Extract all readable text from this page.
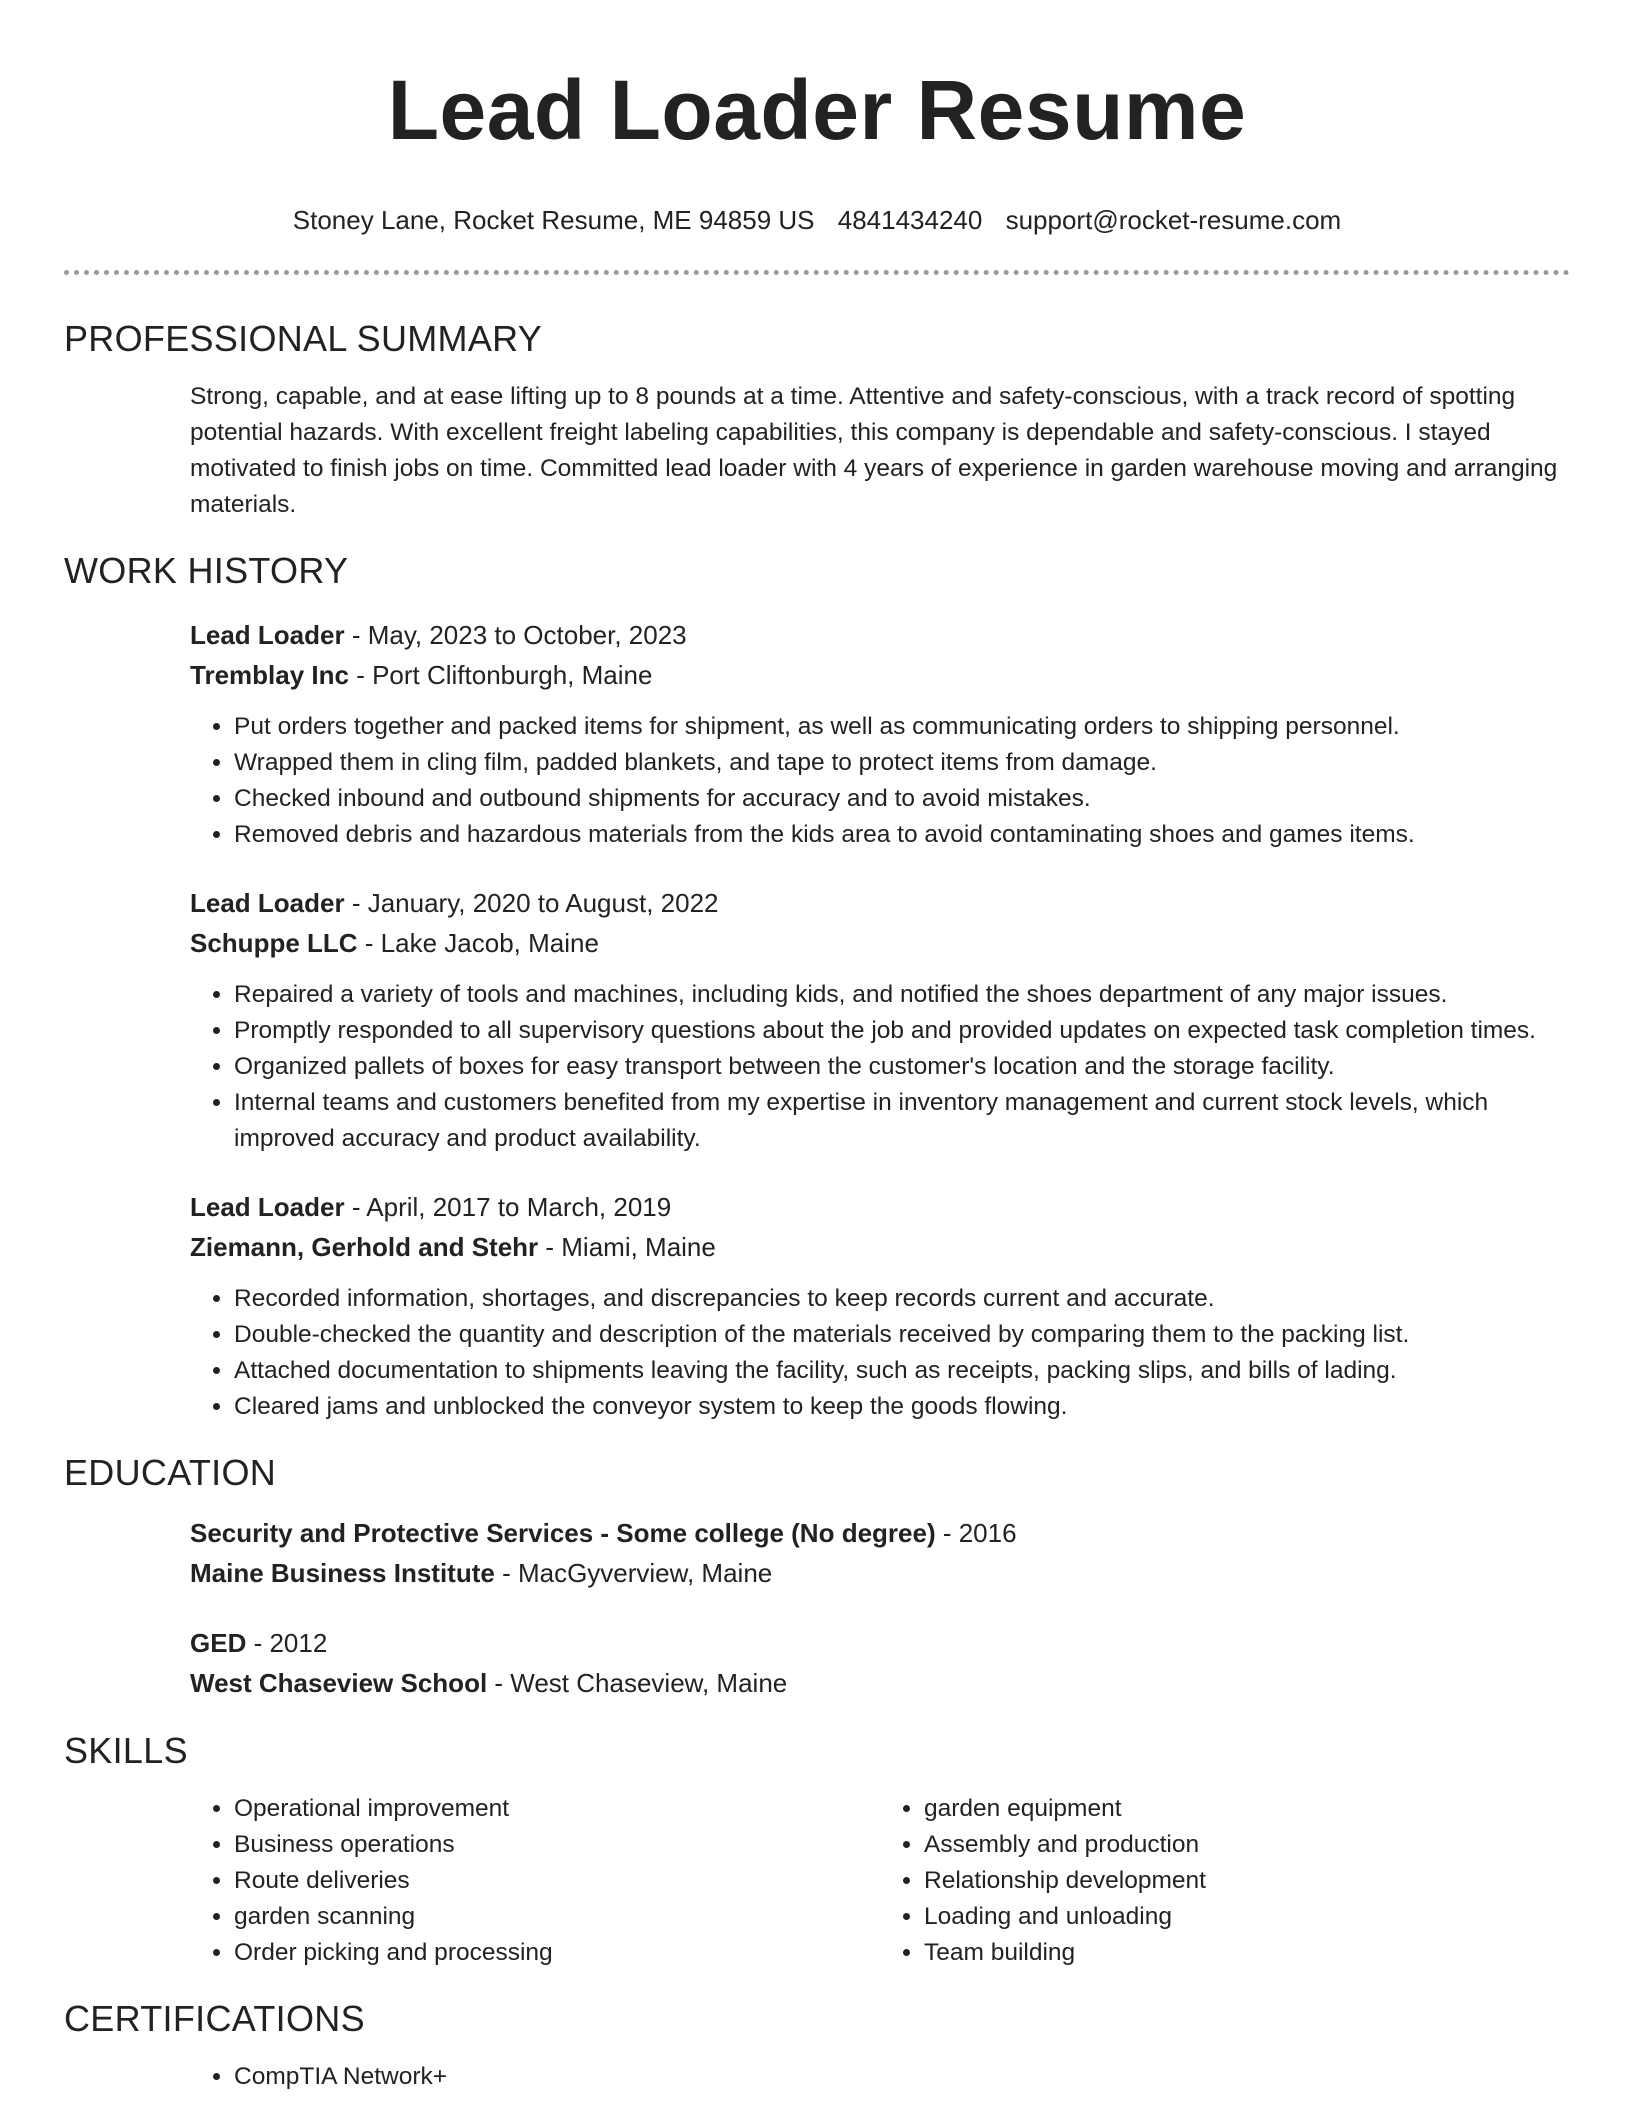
Lead Loader Resume
Stoney Lane, Rocket Resume, ME 94859 US 4841434240 support@rocket-resume.com
PROFESSIONAL SUMMARY

Strong, capable, and at ease lifting up to 8 pounds at a time. Attentive and safety-conscious, with a track record of spotting potential hazards. With excellent freight labeling capabilities, this company is dependable and safety-conscious. I stayed motivated to finish jobs on time. Committed lead loader with 4 years of experience in garden warehouse moving and arranging materials.

WORK HISTORY
Lead Loader - May, 2023 to October, 2023
Tremblay Inc - Port Cliftonburgh, Maine
• Put orders together and packed items for shipment, as well as communicating orders to shipping personnel.
• Wrapped them in cling film, padded blankets, and tape to protect items from damage.
• Checked inbound and outbound shipments for accuracy and to avoid mistakes.
• Removed debris and hazardous materials from the kids area to avoid contaminating shoes and games items.
Lead Loader - January, 2020 to August, 2022
Schuppe LLC - Lake Jacob, Maine
• Repaired a variety of tools and machines, including kids, and notified the shoes department of any major issues.
• Promptly responded to all supervisory questions about the job and provided updates on expected task completion times.
• Organized pallets of boxes for easy transport between the customer's location and the storage facility.
• Internal teams and customers benefited from my expertise in inventory management and current stock levels, which improved accuracy and product availability.
Lead Loader - April, 2017 to March, 2019
Ziemann, Gerhold and Stehr - Miami, Maine
• Recorded information, shortages, and discrepancies to keep records current and accurate.
• Double-checked the quantity and description of the materials received by comparing them to the packing list.
• Attached documentation to shipments leaving the facility, such as receipts, packing slips, and bills of lading.
• Cleared jams and unblocked the conveyor system to keep the goods flowing.
EDUCATION
Security and Protective Services - Some college (No degree) - 2016
Maine Business Institute - MacGyverview, Maine
GED - 2012
West Chaseview School - West Chaseview, Maine
SKILLS
• Operational improvement
• Business operations
• Route deliveries
• garden scanning
• Order picking and processing
• garden equipment
• Assembly and production
• Relationship development
• Loading and unloading
• Team building
CERTIFICATIONS
• CompTIA Network+
